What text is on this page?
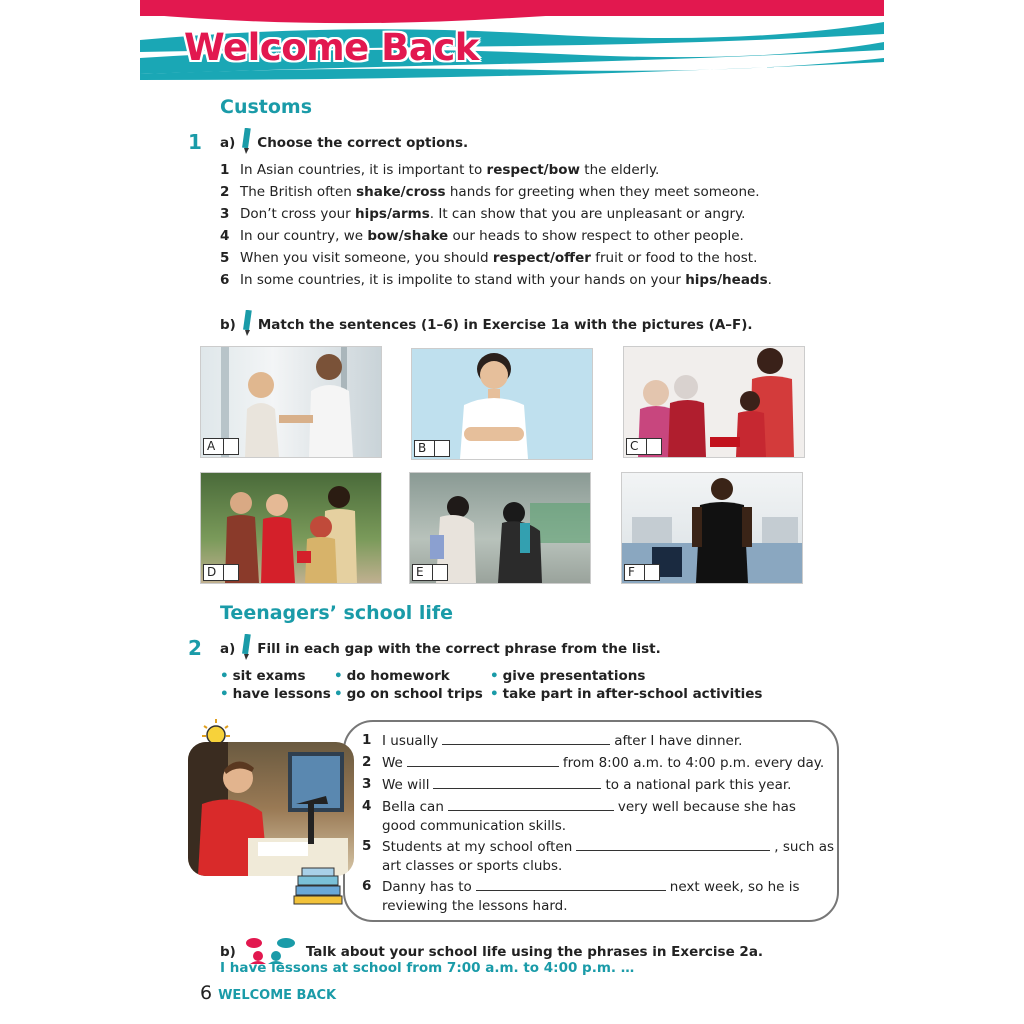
Welcome Back
Customs
1 a) Choose the correct options.
1 In Asian countries, it is important to respect/bow the elderly.
2 The British often shake/cross hands for greeting when they meet someone.
3 Don’t cross your hips/arms. It can show that you are unpleasant or angry.
4 In our country, we bow/shake our heads to show respect to other people.
5 When you visit someone, you should respect/offer fruit or food to the host.
6 In some countries, it is impolite to stand with your hands on your hips/heads.
b) Match the sentences (1–6) in Exercise 1a with the pictures (A–F).
A	B	C
D	E	F
Teenagers’ school life
2 a) Fill in each gap with the correct phrase from the list.
• sit exams • do homework	• give presentations
• have lessons • go on school trips • take part in after-school activities
1 I usually	after I have dinner.
2 We	from 8:00 a.m. to 4:00 p.m. every day.
3 We will	to a national park this year.
4 Bella can	very well because she has
good communication skills.
5 Students at my school often	, such as
art classes or sports clubs.
6 Danny has to	next week, so he is
reviewing the lessons hard.
b)	Talk about your school life using the phrases in Exercise 2a.
I have lessons at school from 7:00 a.m. to 4:00 p.m. …
6 WELCOME BACK
